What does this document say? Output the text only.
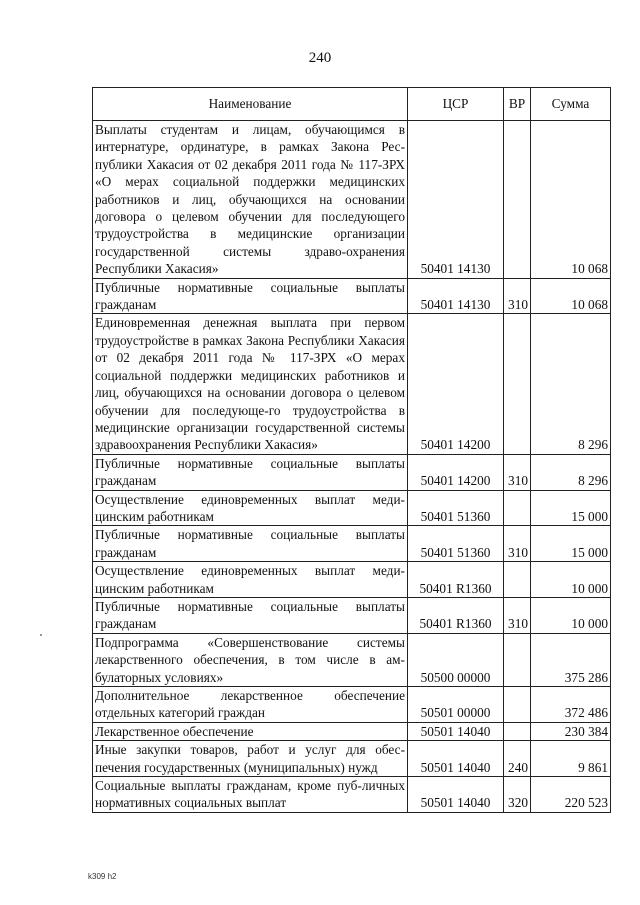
240
Наименование	ЦСР	ВР	Сумма
Выплаты студентам и лицам, обучающимся в интернатуре, ординатуре, в рамках Закона Рес-публики Хакасия от 02 декабря 2011 года № 117-ЗРХ «О мерах социальной поддержки медицинских работников и лиц, обучающихся на основании договора о целевом обучении для последующего трудоустройства в медицинские организации государственной системы здраво-охранения Республики Хакасия»	50401 14130		10 068
Публичные нормативные социальные выплаты гражданам	50401 14130	310	10 068
Единовременная денежная выплата при первом трудоустройстве в рамках Закона Республики Хакасия от 02 декабря 2011 года № 117-ЗРХ «О мерах социальной поддержки медицинских работников и лиц, обучающихся на основании договора о целевом обучении для последующе-го трудоустройства в медицинские организации государственной системы здравоохранения Республики Хакасия»	50401 14200		8 296
Публичные нормативные социальные выплаты гражданам	50401 14200	310	8 296
Осуществление единовременных выплат меди-цинским работникам	50401 51360		15 000
Публичные нормативные социальные выплаты гражданам	50401 51360	310	15 000
Осуществление единовременных выплат меди-цинским работникам	50401 R1360		10 000
Публичные нормативные социальные выплаты гражданам	50401 R1360	310	10 000
Подпрограмма «Совершенствование системы лекарственного обеспечения, в том числе в ам-булаторных условиях»	50500 00000		375 286
Дополнительное лекарственное обеспечение отдельных категорий граждан	50501 00000		372 486
Лекарственное обеспечение	50501 14040		230 384
Иные закупки товаров, работ и услуг для обес-печения государственных (муниципальных) нужд	50501 14040	240	9 861
Социальные выплаты гражданам, кроме пуб-личных нормативных социальных выплат	50501 14040	320	220 523
k309 h2
